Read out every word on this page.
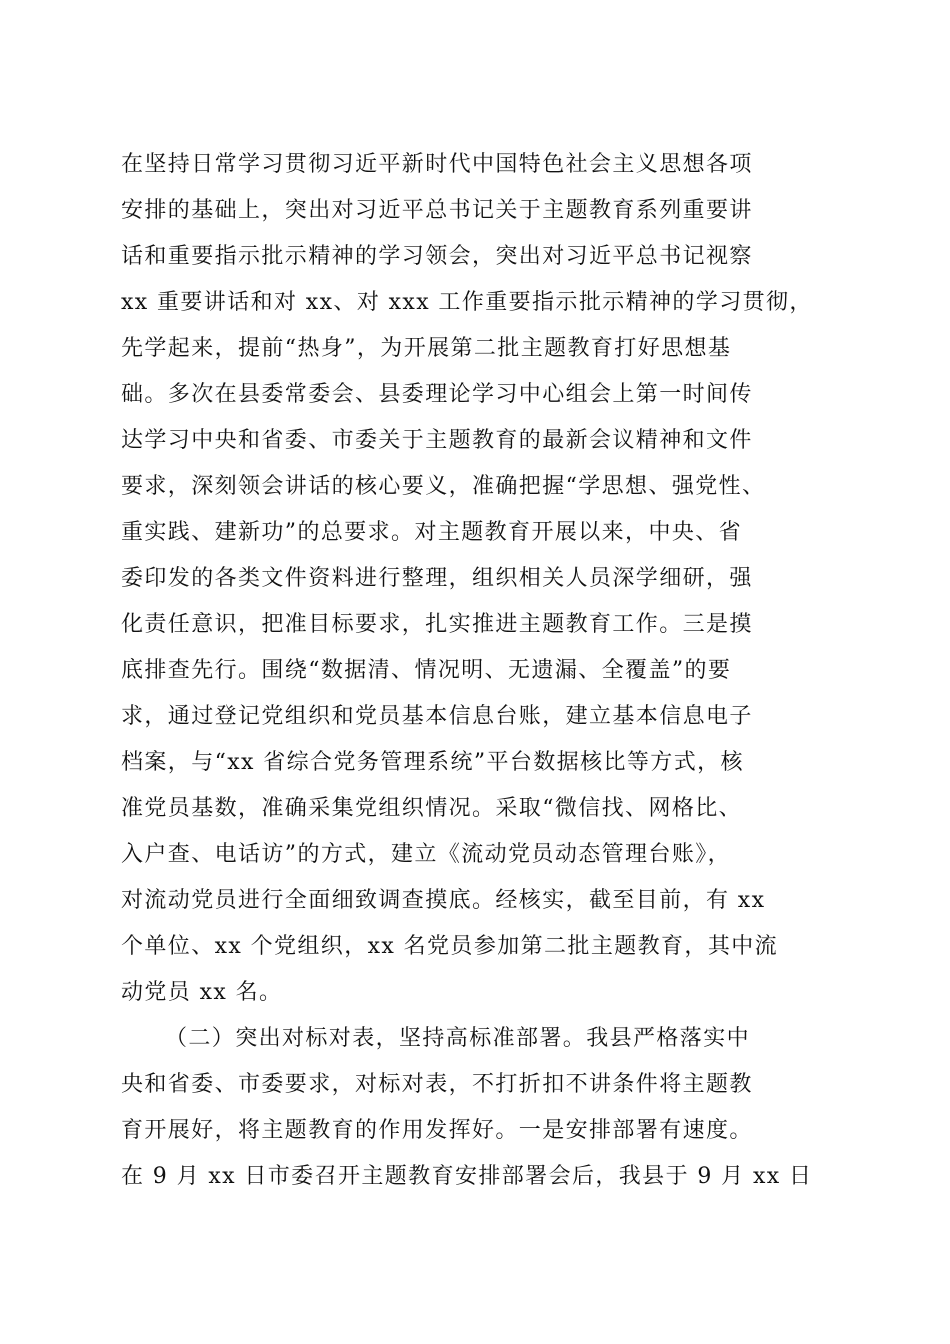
在坚持日常学习贯彻习近平新时代中国特色社会主义思想各项
安排的基础上，突出对习近平总书记关于主题教育系列重要讲
话和重要指示批示精神的学习领会，突出对习近平总书记视察
xx 重要讲话和对 xx、对 xxx 工作重要指示批示精神的学习贯彻，
先学起来，提前“热身”，为开展第二批主题教育打好思想基
础。多次在县委常委会、县委理论学习中心组会上第一时间传
达学习中央和省委、市委关于主题教育的最新会议精神和文件
要求，深刻领会讲话的核心要义，准确把握“学思想、强党性、
重实践、建新功”的总要求。对主题教育开展以来，中央、省
委印发的各类文件资料进行整理，组织相关人员深学细研，强
化责任意识，把准目标要求，扎实推进主题教育工作。三是摸
底排查先行。围绕“数据清、情况明、无遗漏、全覆盖”的要
求，通过登记党组织和党员基本信息台账，建立基本信息电子
档案，与“xx 省综合党务管理系统”平台数据核比等方式，核
准党员基数，准确采集党组织情况。采取“微信找、网格比、
入户查、电话访”的方式，建立《流动党员动态管理台账》，
对流动党员进行全面细致调查摸底。经核实，截至目前，有 xx
个单位、xx 个党组织，xx 名党员参加第二批主题教育，其中流
动党员 xx 名。
（二）突出对标对表，坚持高标准部署。我县严格落实中
央和省委、市委要求，对标对表，不打折扣不讲条件将主题教
育开展好，将主题教育的作用发挥好。一是安排部署有速度。
在 9 月 xx 日市委召开主题教育安排部署会后，我县于 9 月 xx 日
